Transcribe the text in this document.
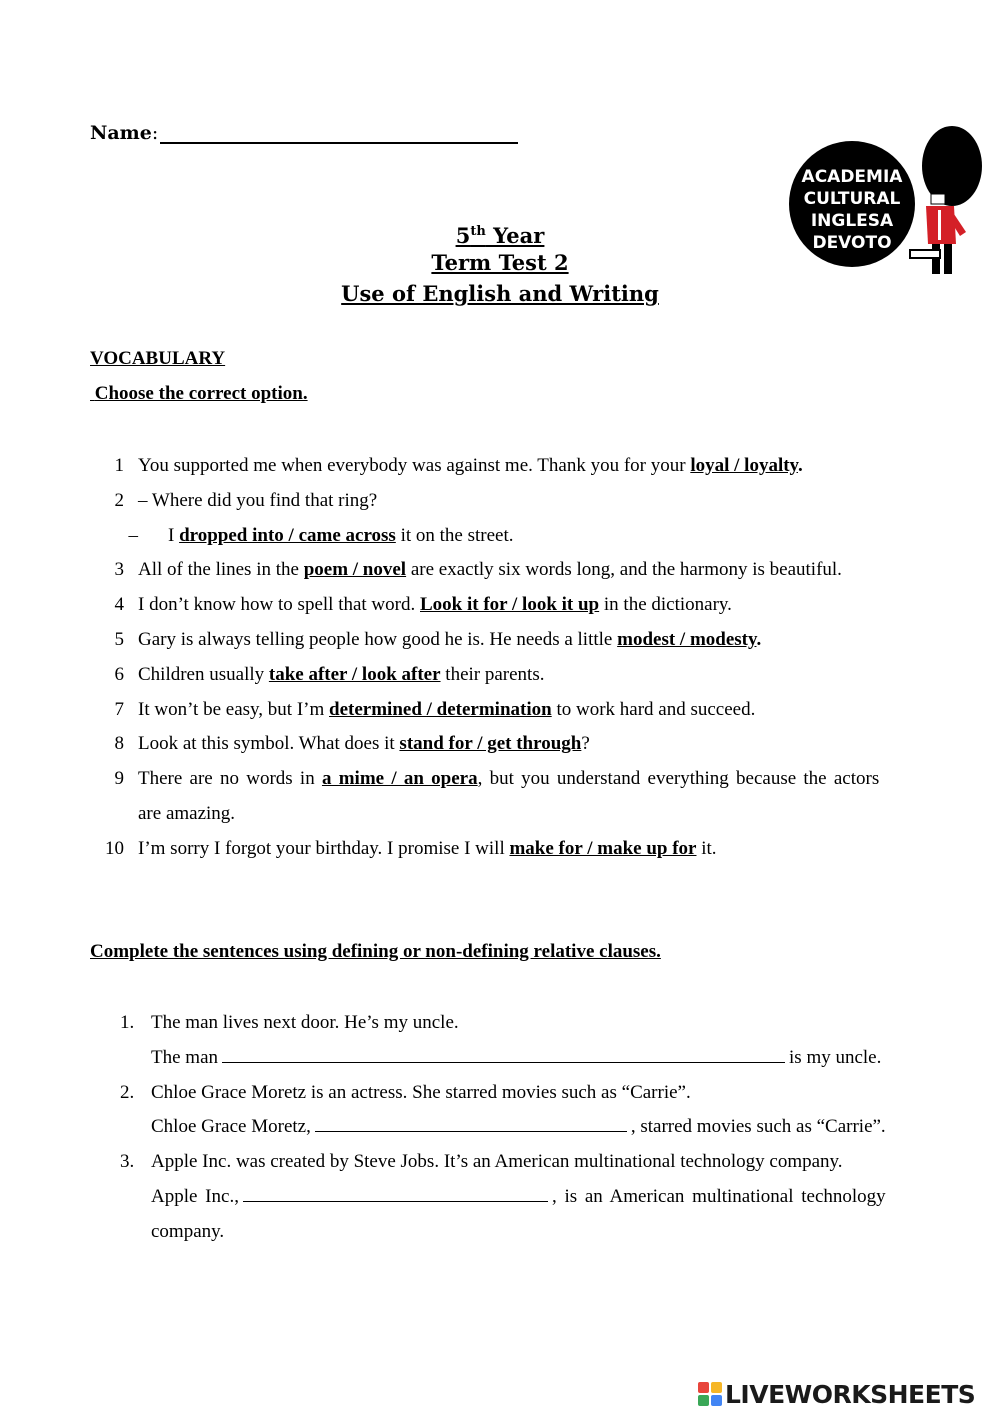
Name:
ACADEMIA
CULTURAL
INGLESA
DEVOTO
5th Year
Term Test 2
Use of English and Writing
VOCABULARY
Choose the correct option.
1 You supported me when everybody was against me. Thank you for your loyal / loyalty.
2 – Where did you find that ring?
– I dropped into / came across it on the street.
3 All of the lines in the poem / novel are exactly six words long, and the harmony is beautiful.
4 I don’t know how to spell that word. Look it for / look it up in the dictionary.
5 Gary is always telling people how good he is. He needs a little modest / modesty.
6 Children usually take after / look after their parents.
7 It won’t be easy, but I’m determined / determination to work hard and succeed.
8 Look at this symbol. What does it stand for / get through?
9 There are no words in a mime / an opera, but you understand everything because the actors
are amazing.
10 I’m sorry I forgot your birthday. I promise I will make for / make up for it.
Complete the sentences using defining or non-defining relative clauses.
1. The man lives next door. He’s my uncle.
The man	is my uncle.
2. Chloe Grace Moretz is an actress. She starred movies such as “Carrie”.
Chloe Grace Moretz,	, starred movies such as “Carrie”.
3. Apple Inc. was created by Steve Jobs. It’s an American multinational technology company.
Apple Inc.,	, is an American multinational technology
company.
LIVEWORKSHEETS
